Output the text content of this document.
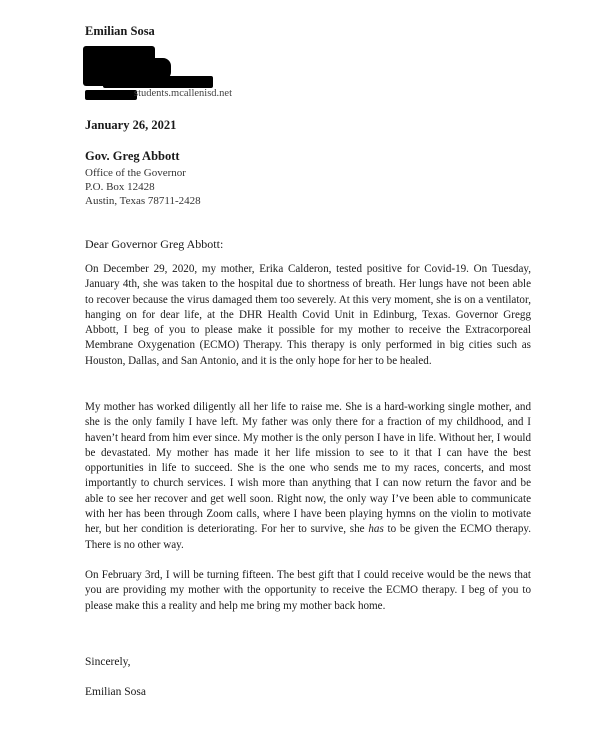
Emilian Sosa
students.mcallenisd.net
January 26, 2021
Gov. Greg Abbott
Office of the Governor
P.O. Box 12428
Austin, Texas 78711-2428
Dear Governor Greg Abbott:
On December 29, 2020, my mother, Erika Calderon, tested positive for Covid-19. On Tuesday, January 4th, she was taken to the hospital due to shortness of breath. Her lungs have not been able to recover because the virus damaged them too severely. At this very moment, she is on a ventilator, hanging on for dear life, at the DHR Health Covid Unit in Edinburg, Texas. Governor Gregg Abbott, I beg of you to please make it possible for my mother to receive the Extracorporeal Membrane Oxygenation (ECMO) Therapy. This therapy is only performed in big cities such as Houston, Dallas, and San Antonio, and it is the only hope for her to be healed.
My mother has worked diligently all her life to raise me. She is a hard-working single mother, and she is the only family I have left. My father was only there for a fraction of my childhood, and I haven’t heard from him ever since. My mother is the only person I have in life. Without her, I would be devastated. My mother has made it her life mission to see to it that I can have the best opportunities in life to succeed. She is the one who sends me to my races, concerts, and most importantly to church services. I wish more than anything that I can now return the favor and be able to see her recover and get well soon. Right now, the only way I’ve been able to communicate with her has been through Zoom calls, where I have been playing hymns on the violin to motivate her, but her condition is deteriorating. For her to survive, she has to be given the ECMO therapy. There is no other way.
On February 3rd, I will be turning fifteen. The best gift that I could receive would be the news that you are providing my mother with the opportunity to receive the ECMO therapy. I beg of you to please make this a reality and help me bring my mother back home.
Sincerely,
Emilian Sosa
